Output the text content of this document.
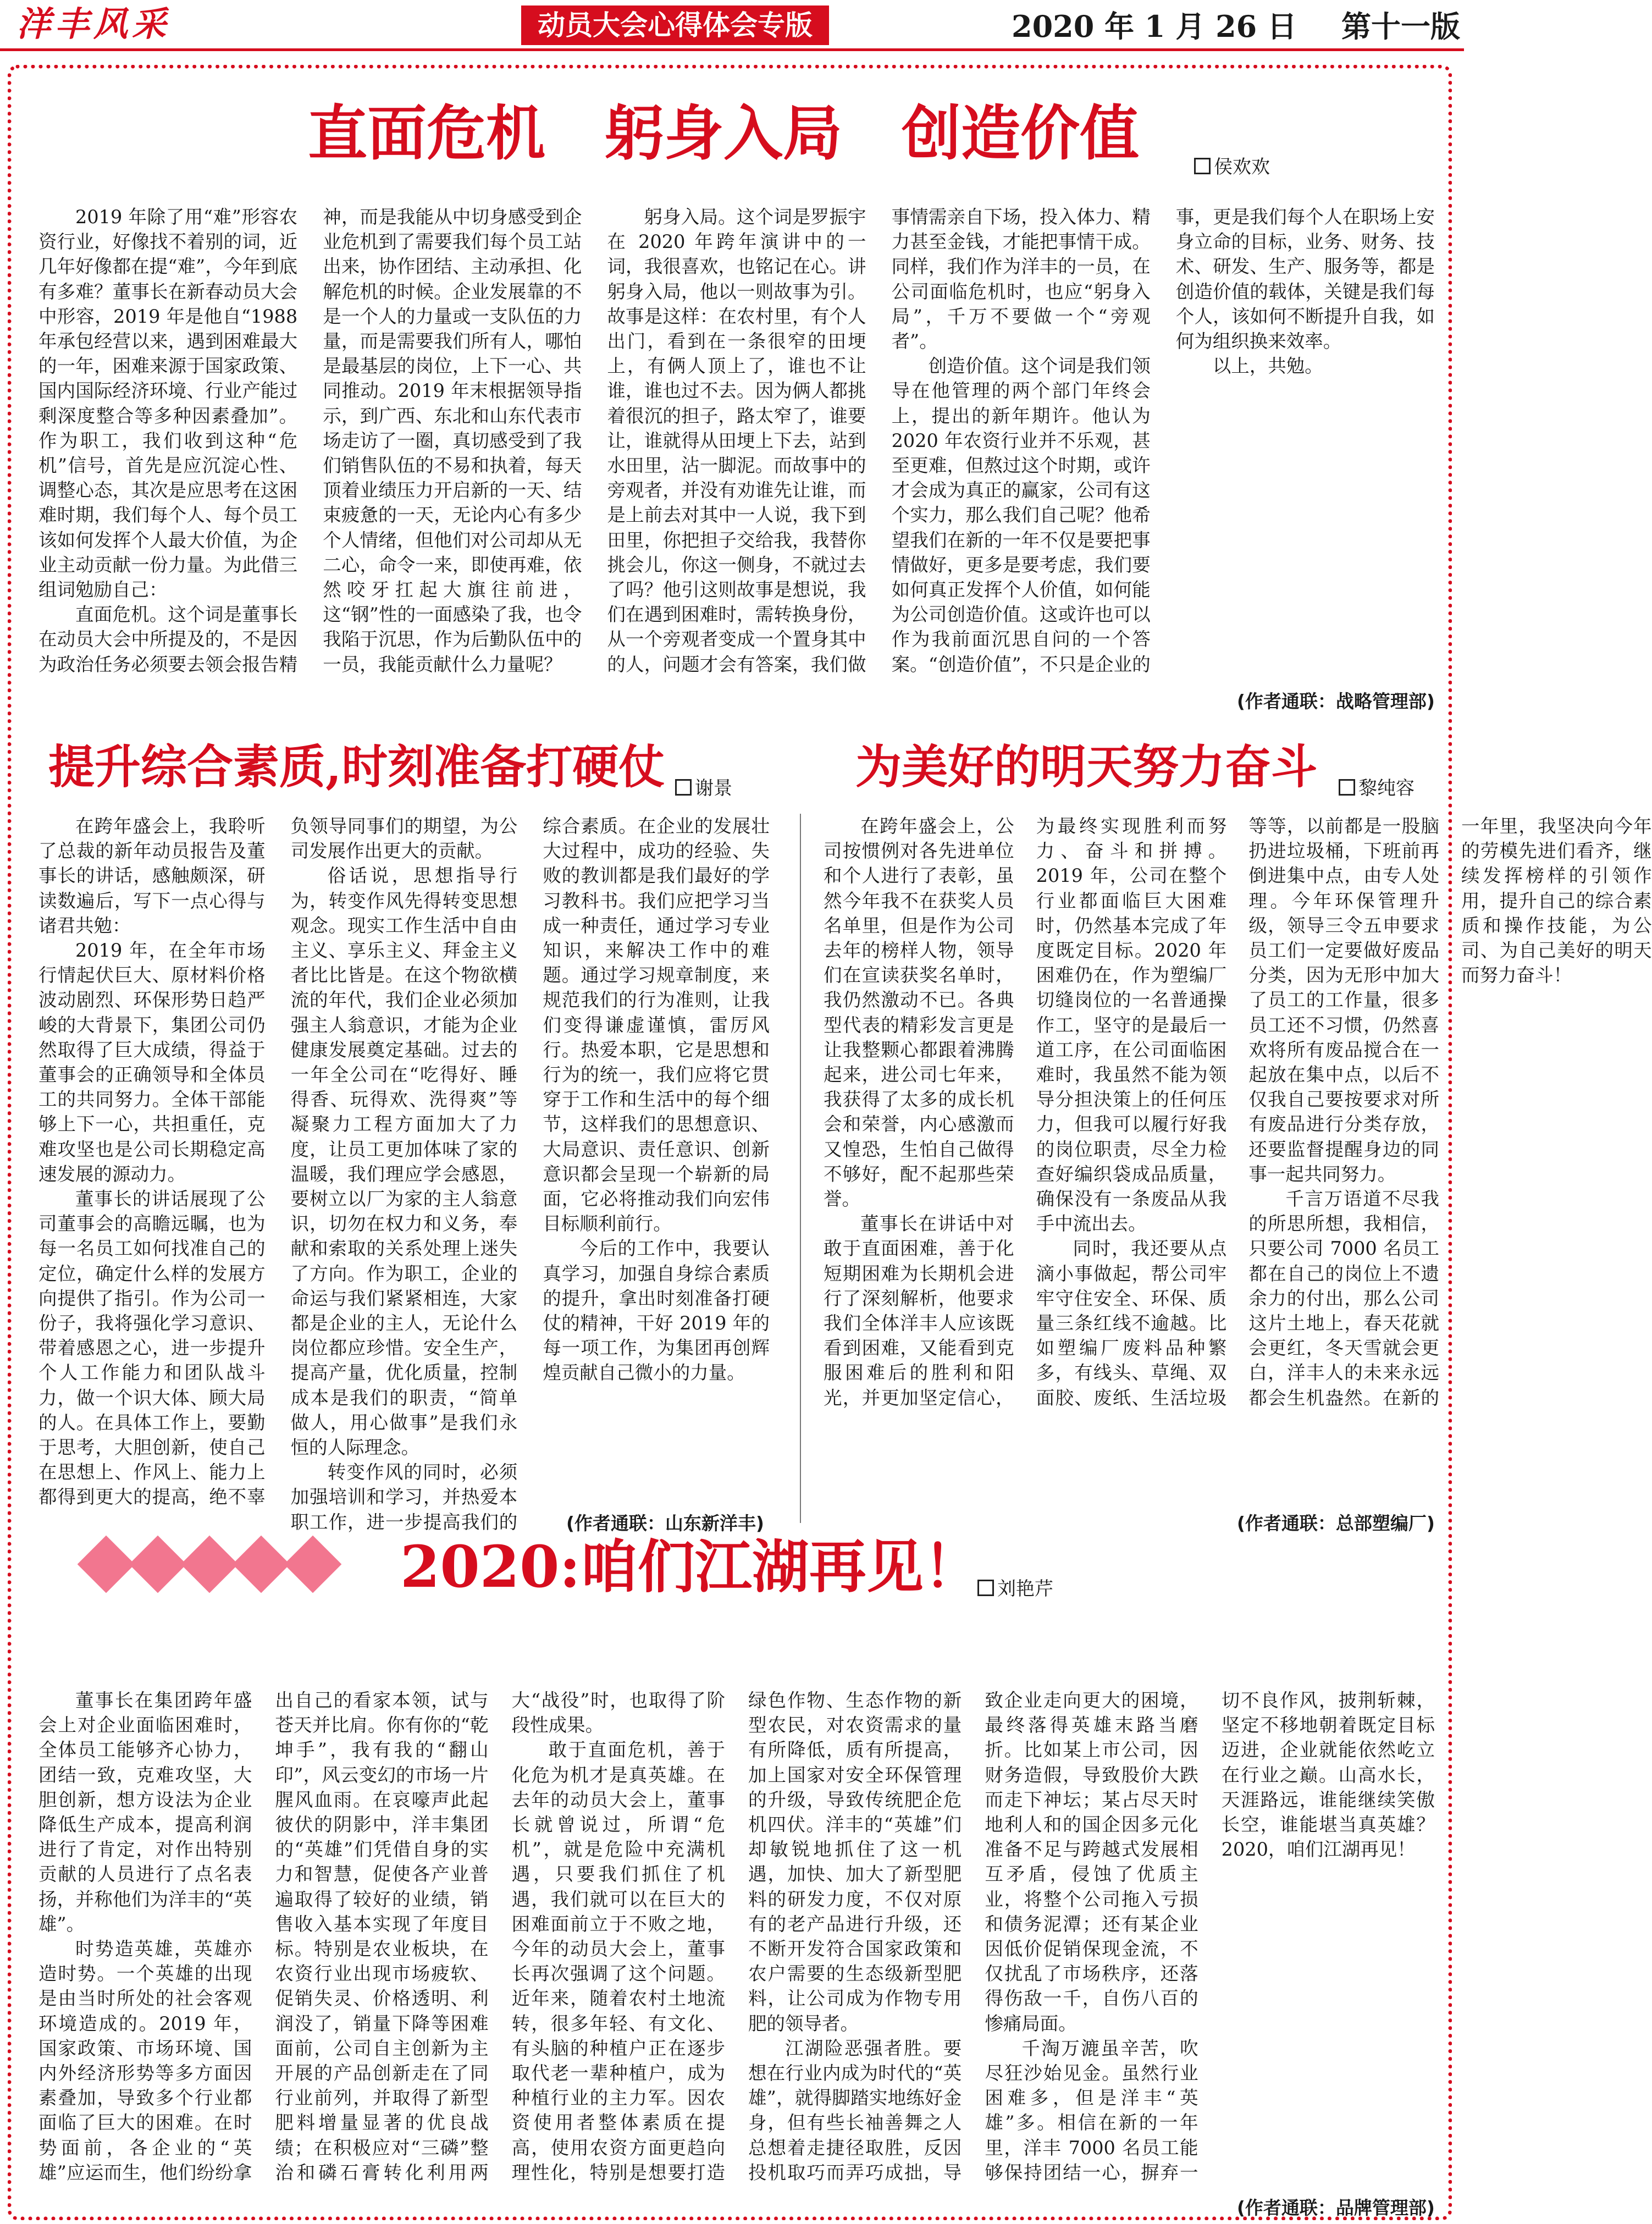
洋丰风采	动员大会心得体会专版	2020 年 1 月 26 日 第十一版
直面危机　躬身入局　创造价值	侯欢欢

2019 年除了用“难”形容农资行业，好像找不着别的词，近几年好像都在提“难”，今年到底有多难？董事长在新春动员大会中形容，2019 年是他自“1988 年承包经营以来，遇到困难最大的一年，困难来源于国家政策、国内国际经济环境、行业产能过剩深度整合等多种因素叠加”。作为职工，我们收到这种“危机”信号，首先是应沉淀心性、调整心态，其次是应思考在这困难时期，我们每个人、每个员工该如何发挥个人最大价值，为企业主动贡献一份力量。为此借三组词勉励自己：

直面危机。这个词是董事长在动员大会中所提及的，不是因为政治任务必须要去领会报告精神，而是我能从中切身感受到企业危机到了需要我们每个员工站出来，协作团结、主动承担、化解危机的时候。企业发展靠的不是一个人的力量或一支队伍的力量，而是需要我们所有人，哪怕是最基层的岗位，上下一心、共同推动。2019 年末根据领导指示，到广西、东北和山东代表市场走访了一圈，真切感受到了我们销售队伍的不易和执着，每天顶着业绩压力开启新的一天、结束疲惫的一天，无论内心有多少个人情绪，但他们对公司却从无二心，命令一来，即使再难，依然咬牙扛起大旗往前进，这“钢”性的一面感染了我，也令我陷于沉思，作为后勤队伍中的一员，我能贡献什么力量呢？

躬身入局。这个词是罗振宇在 2020 年跨年演讲中的一词，我很喜欢，也铭记在心。讲躬身入局，他以一则故事为引。故事是这样：在农村里，有个人出门，看到在一条很窄的田埂上，有俩人顶上了，谁也不让谁，谁也过不去。因为俩人都挑着很沉的担子，路太窄了，谁要让，谁就得从田埂上下去，站到水田里，沾一脚泥。而故事中的旁观者，并没有劝谁先让谁，而是上前去对其中一人说，我下到田里，你把担子交给我，我替你挑会儿，你这一侧身，不就过去了吗？他引这则故事是想说，我们在遇到困难时，需转换身份，从一个旁观者变成一个置身其中的人，问题才会有答案，我们做事情需亲自下场，投入体力、精力甚至金钱，才能把事情干成。同样，我们作为洋丰的一员，在公司面临危机时，也应“躬身入局”，千万不要做一个“旁观者”。

创造价值。这个词是我们领导在他管理的两个部门年终会上，提出的新年期许。他认为 2020 年农资行业并不乐观，甚至更难，但熬过这个时期，或许才会成为真正的赢家，公司有这个实力，那么我们自己呢？他希望我们在新的一年不仅是要把事情做好，更多是要考虑，我们要如何真正发挥个人价值，如何能为公司创造价值。这或许也可以作为我前面沉思自问的一个答案。“创造价值”，不只是企业的事，更是我们每个人在职场上安身立命的目标，业务、财务、技术、研发、生产、服务等，都是创造价值的载体，关键是我们每个人，该如何不断提升自我，如何为组织换来效率。

以上，共勉。

(作者通联：战略管理部)
提升综合素质,时刻准备打硬仗	谢景

在跨年盛会上，我聆听了总裁的新年动员报告及董事长的讲话，感触颇深，研读数遍后，写下一点心得与诸君共勉：

2019 年，在全年市场行情起伏巨大、原材料价格波动剧烈、环保形势日趋严峻的大背景下，集团公司仍然取得了巨大成绩，得益于董事会的正确领导和全体员工的共同努力。全体干部能够上下一心，共担重任，克难攻坚也是公司长期稳定高速发展的源动力。

董事长的讲话展现了公司董事会的高瞻远瞩，也为每一名员工如何找准自己的定位，确定什么样的发展方向提供了指引。作为公司一份子，我将强化学习意识、带着感恩之心，进一步提升个人工作能力和团队战斗力，做一个识大体、顾大局的人。在具体工作上，要勤于思考，大胆创新，使自己在思想上、作风上、能力上都得到更大的提高，绝不辜负领导同事们的期望，为公司发展作出更大的贡献。

俗话说，思想指导行为，转变作风先得转变思想观念。现实工作生活中自由主义、享乐主义、拜金主义者比比皆是。在这个物欲横流的年代，我们企业必须加强主人翁意识，才能为企业健康发展奠定基础。过去的一年全公司在“吃得好、睡得香、玩得欢、洗得爽”等凝聚力工程方面加大了力度，让员工更加体味了家的温暖，我们理应学会感恩，要树立以厂为家的主人翁意识，切勿在权力和义务，奉献和索取的关系处理上迷失了方向。作为职工，企业的命运与我们紧紧相连，大家都是企业的主人，无论什么岗位都应珍惜。安全生产，提高产量，优化质量，控制成本是我们的职责，“简单做人，用心做事”是我们永恒的人际理念。

转变作风的同时，必须加强培训和学习，并热爱本职工作，进一步提高我们的综合素质。在企业的发展壮大过程中，成功的经验、失败的教训都是我们最好的学习教科书。我们应把学习当成一种责任，通过学习专业知识，来解决工作中的难题。通过学习规章制度，来规范我们的行为准则，让我们变得谦虚谨慎，雷厉风行。热爱本职，它是思想和行为的统一，我们应将它贯穿于工作和生活中的每个细节，这样我们的思想意识、大局意识、责任意识、创新意识都会呈现一个崭新的局面，它必将推动我们向宏伟目标顺利前行。

今后的工作中，我要认真学习，加强自身综合素质的提升，拿出时刻准备打硬仗的精神，干好 2019 年的每一项工作，为集团再创辉煌贡献自己微小的力量。

(作者通联：山东新洋丰)
为美好的明天努力奋斗	黎纯容

在跨年盛会上，公司按惯例对各先进单位和个人进行了表彰，虽然今年我不在获奖人员名单里，但是作为公司去年的榜样人物，领导们在宣读获奖名单时，我仍然激动不已。各典型代表的精彩发言更是让我整颗心都跟着沸腾起来，进公司七年来，我获得了太多的成长机会和荣誉，内心感激而又惶恐，生怕自己做得不够好，配不起那些荣誉。

董事长在讲话中对敢于直面困难，善于化短期困难为长期机会进行了深刻解析，他要求我们全体洋丰人应该既看到困难，又能看到克服困难后的胜利和阳光，并更加坚定信心，为最终实现胜利而努力、奋斗和拼搏。2019 年，公司在整个行业都面临巨大困难时，仍然基本完成了年度既定目标。2020 年困难仍在，作为塑编厂切缝岗位的一名普通操作工，坚守的是最后一道工序，在公司面临困难时，我虽然不能为领导分担決策上的任何压力，但我可以履行好我的岗位职责，尽全力检查好编织袋成品质量，确保没有一条废品从我手中流出去。

同时，我还要从点滴小事做起，帮公司牢牢守住安全、环保、质量三条红线不逾越。比如塑编厂废料品种繁多，有线头、草绳、双面胶、废纸、生活垃圾等等，以前都是一股脑扔进垃圾桶，下班前再倒进集中点，由专人处理。今年环保管理升级，领导三令五申要求员工们一定要做好废品分类，因为无形中加大了员工的工作量，很多员工还不习惯，仍然喜欢将所有废品搅合在一起放在集中点，以后不仅我自己要按要求对所有废品进行分类存放，还要监督提醒身边的同事一起共同努力。

千言万语道不尽我的所思所想，我相信，只要公司 7000 名员工都在自己的岗位上不遗余力的付出，那么公司这片土地上，春天花就会更红，冬天雪就会更白，洋丰人的未来永远都会生机盎然。在新的一年里，我坚决向今年的劳模先进们看齐，继续发挥榜样的引领作用，提升自己的综合素质和操作技能，为公司、为自己美好的明天而努力奋斗！

(作者通联：总部塑编厂)
2020:咱们江湖再见！ 刘艳芹

董事长在集团跨年盛会上对企业面临困难时，全体员工能够齐心协力，团结一致，克难攻坚，大胆创新，想方设法为企业降低生产成本，提高利润进行了肯定，对作出特别贡献的人员进行了点名表扬，并称他们为洋丰的“英雄”。

时势造英雄，英雄亦造时势。一个英雄的出现是由当时所处的社会客观环境造成的。2019 年，国家政策、市场环境、国内外经济形势等多方面因素叠加，导致多个行业都面临了巨大的困难。在时势面前，各企业的“英雄”应运而生，他们纷纷拿出自己的看家本领，试与苍天并比肩。你有你的“乾坤手”，我有我的“翻山印”，风云变幻的市场一片腥风血雨。在哀嚎声此起彼伏的阴影中，洋丰集团的“英雄”们凭借自身的实力和智慧，促使各产业普遍取得了较好的业绩，销售收入基本实现了年度目标。特别是农业板块，在农资行业出现市场疲软、促销失灵、价格透明、利润没了，销量下降等困难面前，公司自主创新为主开展的产品创新走在了同行业前列，并取得了新型肥料增量显著的优良战绩；在积极应对“三磷”整治和磷石膏转化利用两大“战役”时，也取得了阶段性成果。

敢于直面危机，善于化危为机才是真英雄。在去年的动员大会上，董事长就曾说过，所谓“危机”，就是危险中充满机遇，只要我们抓住了机遇，我们就可以在巨大的困难面前立于不败之地，今年的动员大会上，董事长再次强调了这个问题。近年来，随着农村土地流转，很多年轻、有文化、有头脑的种植户正在逐步取代老一辈种植户，成为种植行业的主力军。因农资使用者整体素质在提高，使用农资方面更趋向理性化，特别是想要打造绿色作物、生态作物的新型农民，对农资需求的量有所降低，质有所提高，加上国家对安全环保管理的升级，导致传统肥企危机四伏。洋丰的“英雄”们却敏锐地抓住了这一机遇，加快、加大了新型肥料的研发力度，不仅对原有的老产品进行升级，还不断开发符合国家政策和农户需要的生态级新型肥料，让公司成为作物专用肥的领导者。

江湖险恶强者胜。要想在行业内成为时代的“英雄”，就得脚踏实地练好金身，但有些长袖善舞之人总想着走捷径取胜，反因投机取巧而弄巧成拙，导致企业走向更大的困境，最终落得英雄末路当磨折。比如某上市公司，因财务造假，导致股价大跌而走下神坛；某占尽天时地利人和的国企因多元化准备不足与跨越式发展相互矛盾，侵蚀了优质主业，将整个公司拖入亏损和债务泥潭；还有某企业因低价促销保现金流，不仅扰乱了市场秩序，还落得伤敌一千，自伤八百的惨痛局面。

千淘万漉虽辛苦，吹尽狂沙始见金。虽然行业困难多，但是洋丰“英雄”多。相信在新的一年里，洋丰 7000 名员工能够保持团结一心，摒弃一切不良作风，披荆斩棘，坚定不移地朝着既定目标迈进，企业就能依然屹立在行业之巅。山高水长，天涯路远，谁能继续笑傲长空，谁能堪当真英雄？2020，咱们江湖再见！

(作者通联：品牌管理部)
